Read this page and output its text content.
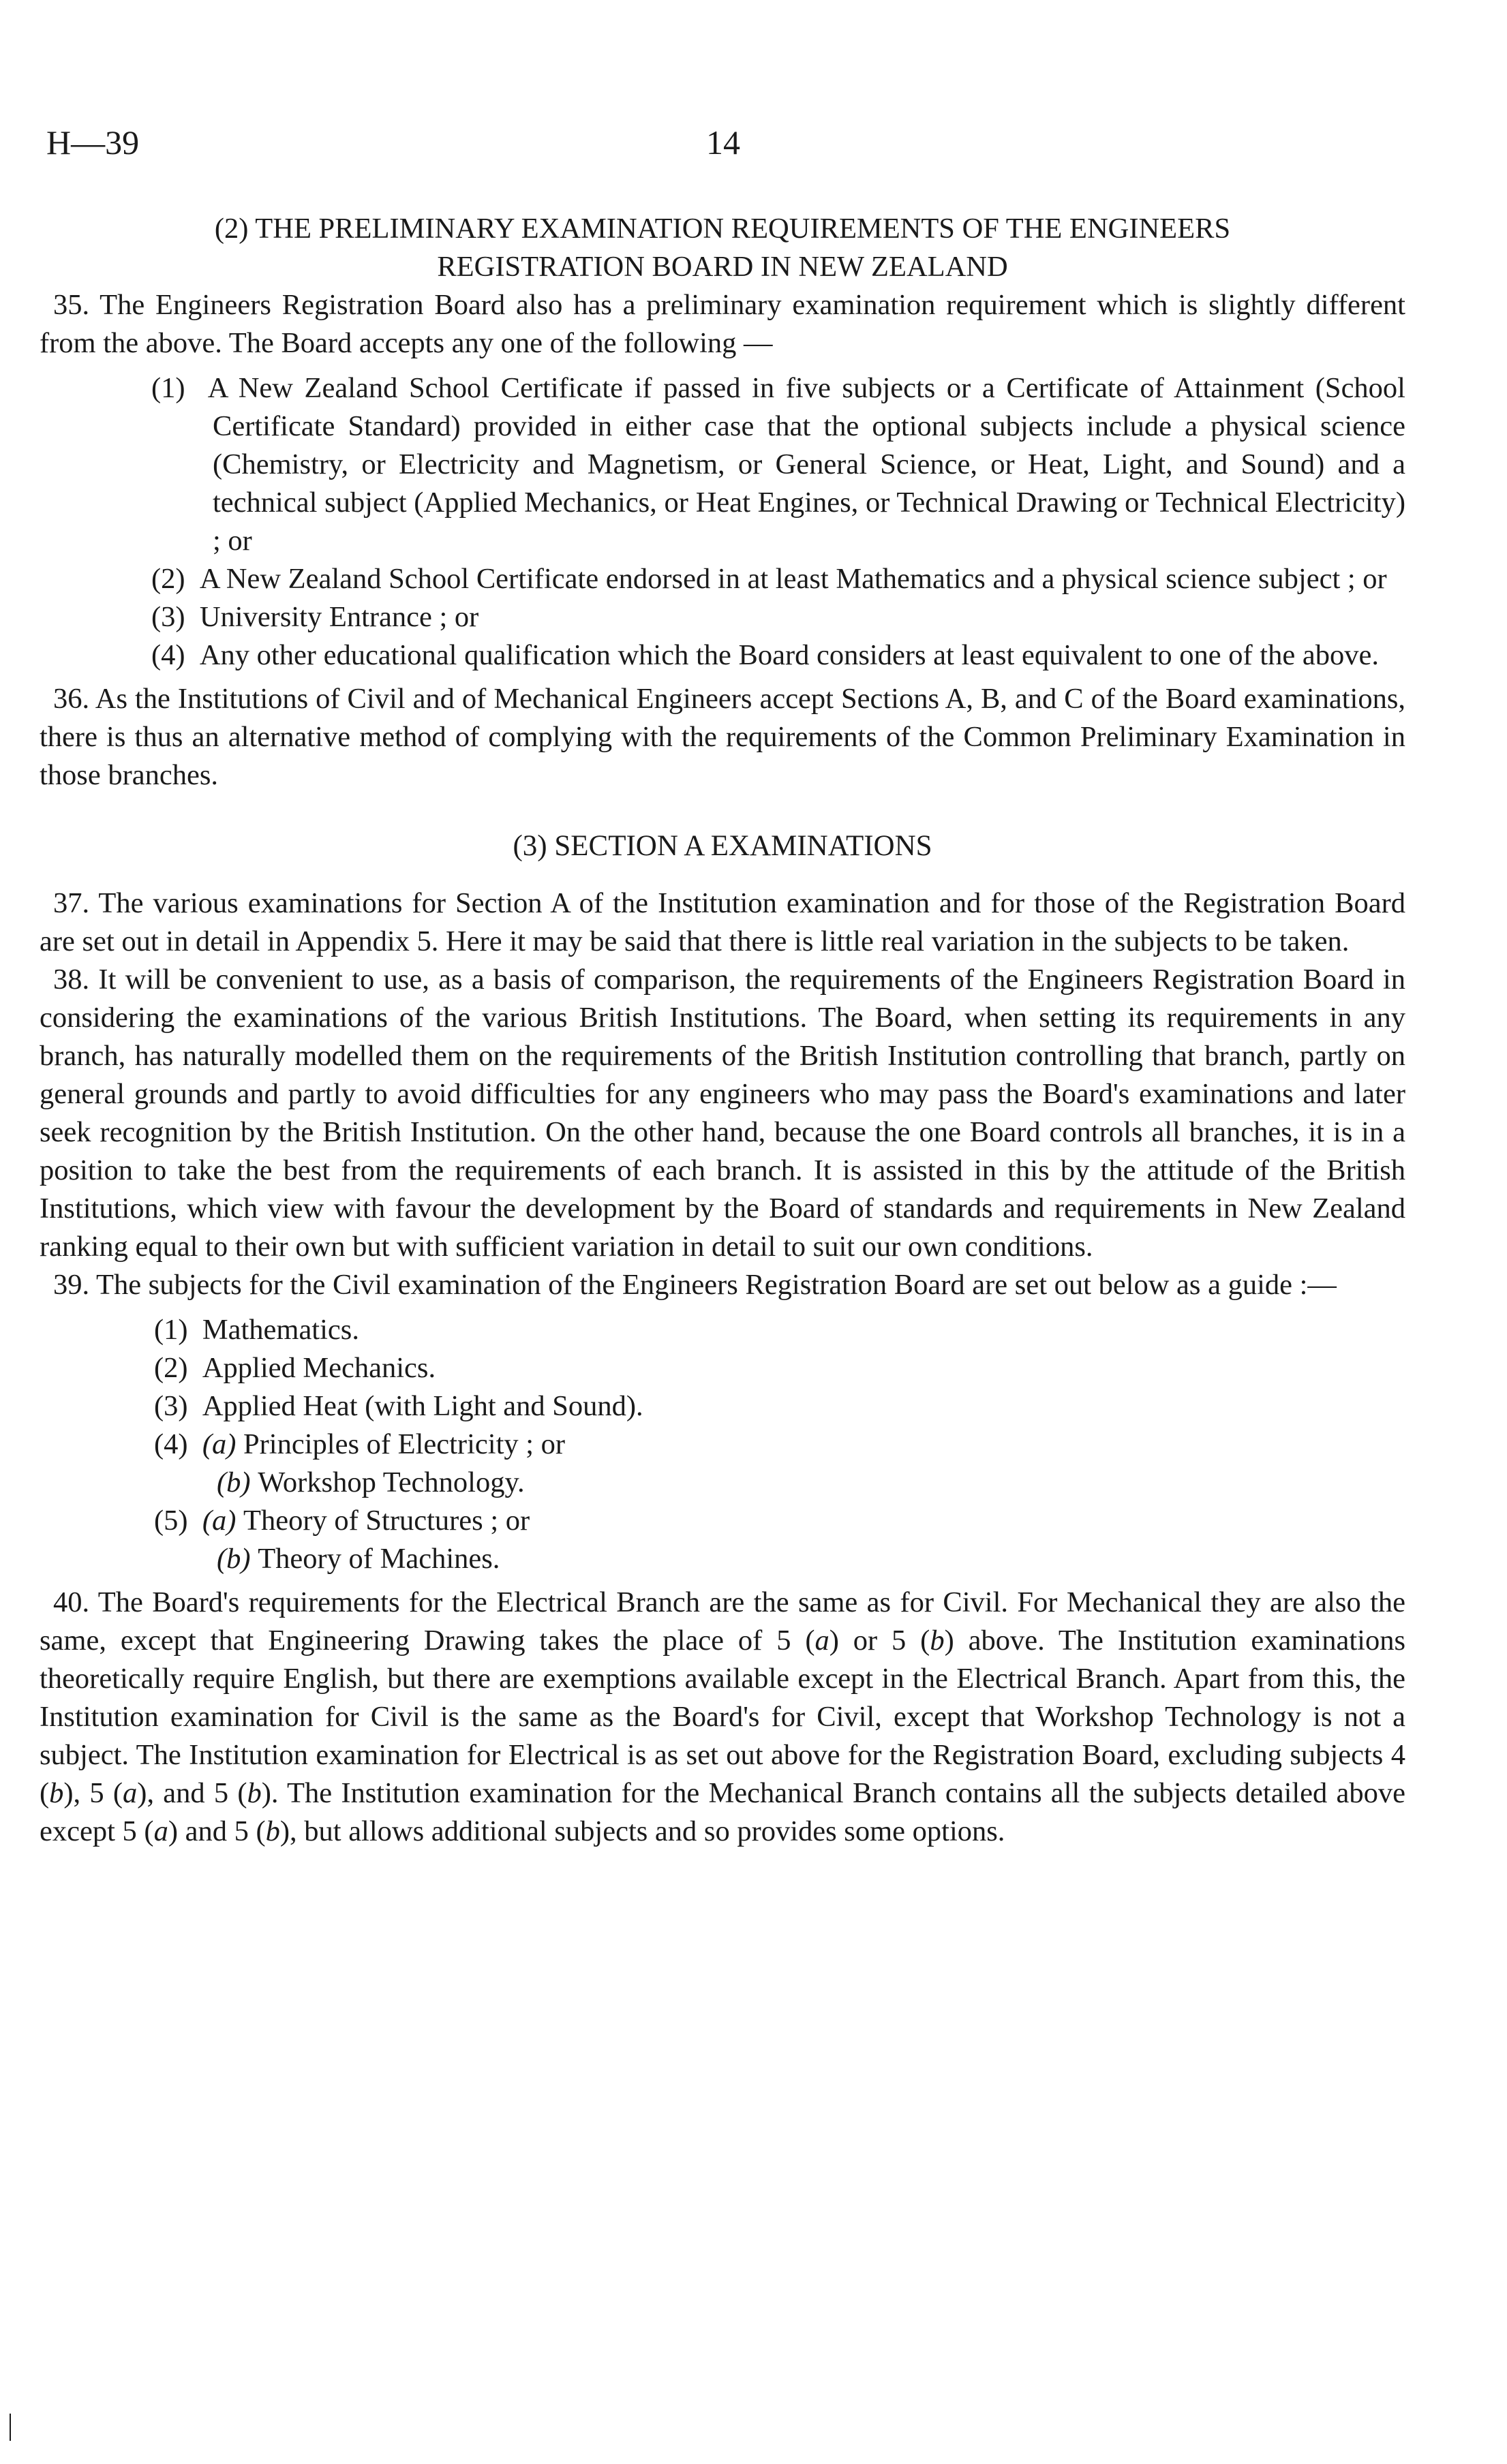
H—39	14

(2) THE PRELIMINARY EXAMINATION REQUIREMENTS OF THE ENGINEERS

REGISTRATION BOARD IN NEW ZEALAND

35. The Engineers Registration Board also has a preliminary examination requirement which is slightly different from the above. The Board accepts any one of the following —

(1) A New Zealand School Certificate if passed in five subjects or a Certificate of Attainment (School Certificate Standard) provided in either case that the optional subjects include a physical science (Chemistry, or Electricity and Magnetism, or General Science, or Heat, Light, and Sound) and a technical subject (Applied Mechanics, or Heat Engines, or Technical Drawing or Technical Electricity) ; or

(2) A New Zealand School Certificate endorsed in at least Mathematics and a physical science subject ; or

(3) University Entrance ; or

(4) Any other educational qualification which the Board considers at least equivalent to one of the above.

36. As the Institutions of Civil and of Mechanical Engineers accept Sections A, B, and C of the Board examinations, there is thus an alternative method of complying with the requirements of the Common Preliminary Examination in those branches.

(3) SECTION A EXAMINATIONS

37. The various examinations for Section A of the Institution examination and for those of the Registration Board are set out in detail in Appendix 5. Here it may be said that there is little real variation in the subjects to be taken.

38. It will be convenient to use, as a basis of comparison, the requirements of the Engineers Registration Board in considering the examinations of the various British Institutions. The Board, when setting its requirements in any branch, has naturally modelled them on the requirements of the British Institution controlling that branch, partly on general grounds and partly to avoid difficulties for any engineers who may pass the Board's examinations and later seek recognition by the British Institution. On the other hand, because the one Board controls all branches, it is in a position to take the best from the requirements of each branch. It is assisted in this by the attitude of the British Institutions, which view with favour the development by the Board of standards and requirements in New Zealand ranking equal to their own but with sufficient variation in detail to suit our own conditions.

39. The subjects for the Civil examination of the Engineers Registration Board are set out below as a guide :—

(1) Mathematics.

(2) Applied Mechanics.

(3) Applied Heat (with Light and Sound).

(4) (a) Principles of Electricity ; or

(b) Workshop Technology.

(5) (a) Theory of Structures ; or

(b) Theory of Machines.

40. The Board's requirements for the Electrical Branch are the same as for Civil. For Mechanical they are also the same, except that Engineering Drawing takes the place of 5 (a) or 5 (b) above. The Institution examinations theoretically require English, but there are exemptions available except in the Electrical Branch. Apart from this, the Institution examination for Civil is the same as the Board's for Civil, except that Workshop Technology is not a subject. The Institution examination for Electrical is as set out above for the Registration Board, excluding subjects 4 (b), 5 (a), and 5 (b). The Institution examination for the Mechanical Branch contains all the subjects detailed above except 5 (a) and 5 (b), but allows additional subjects and so provides some options.
